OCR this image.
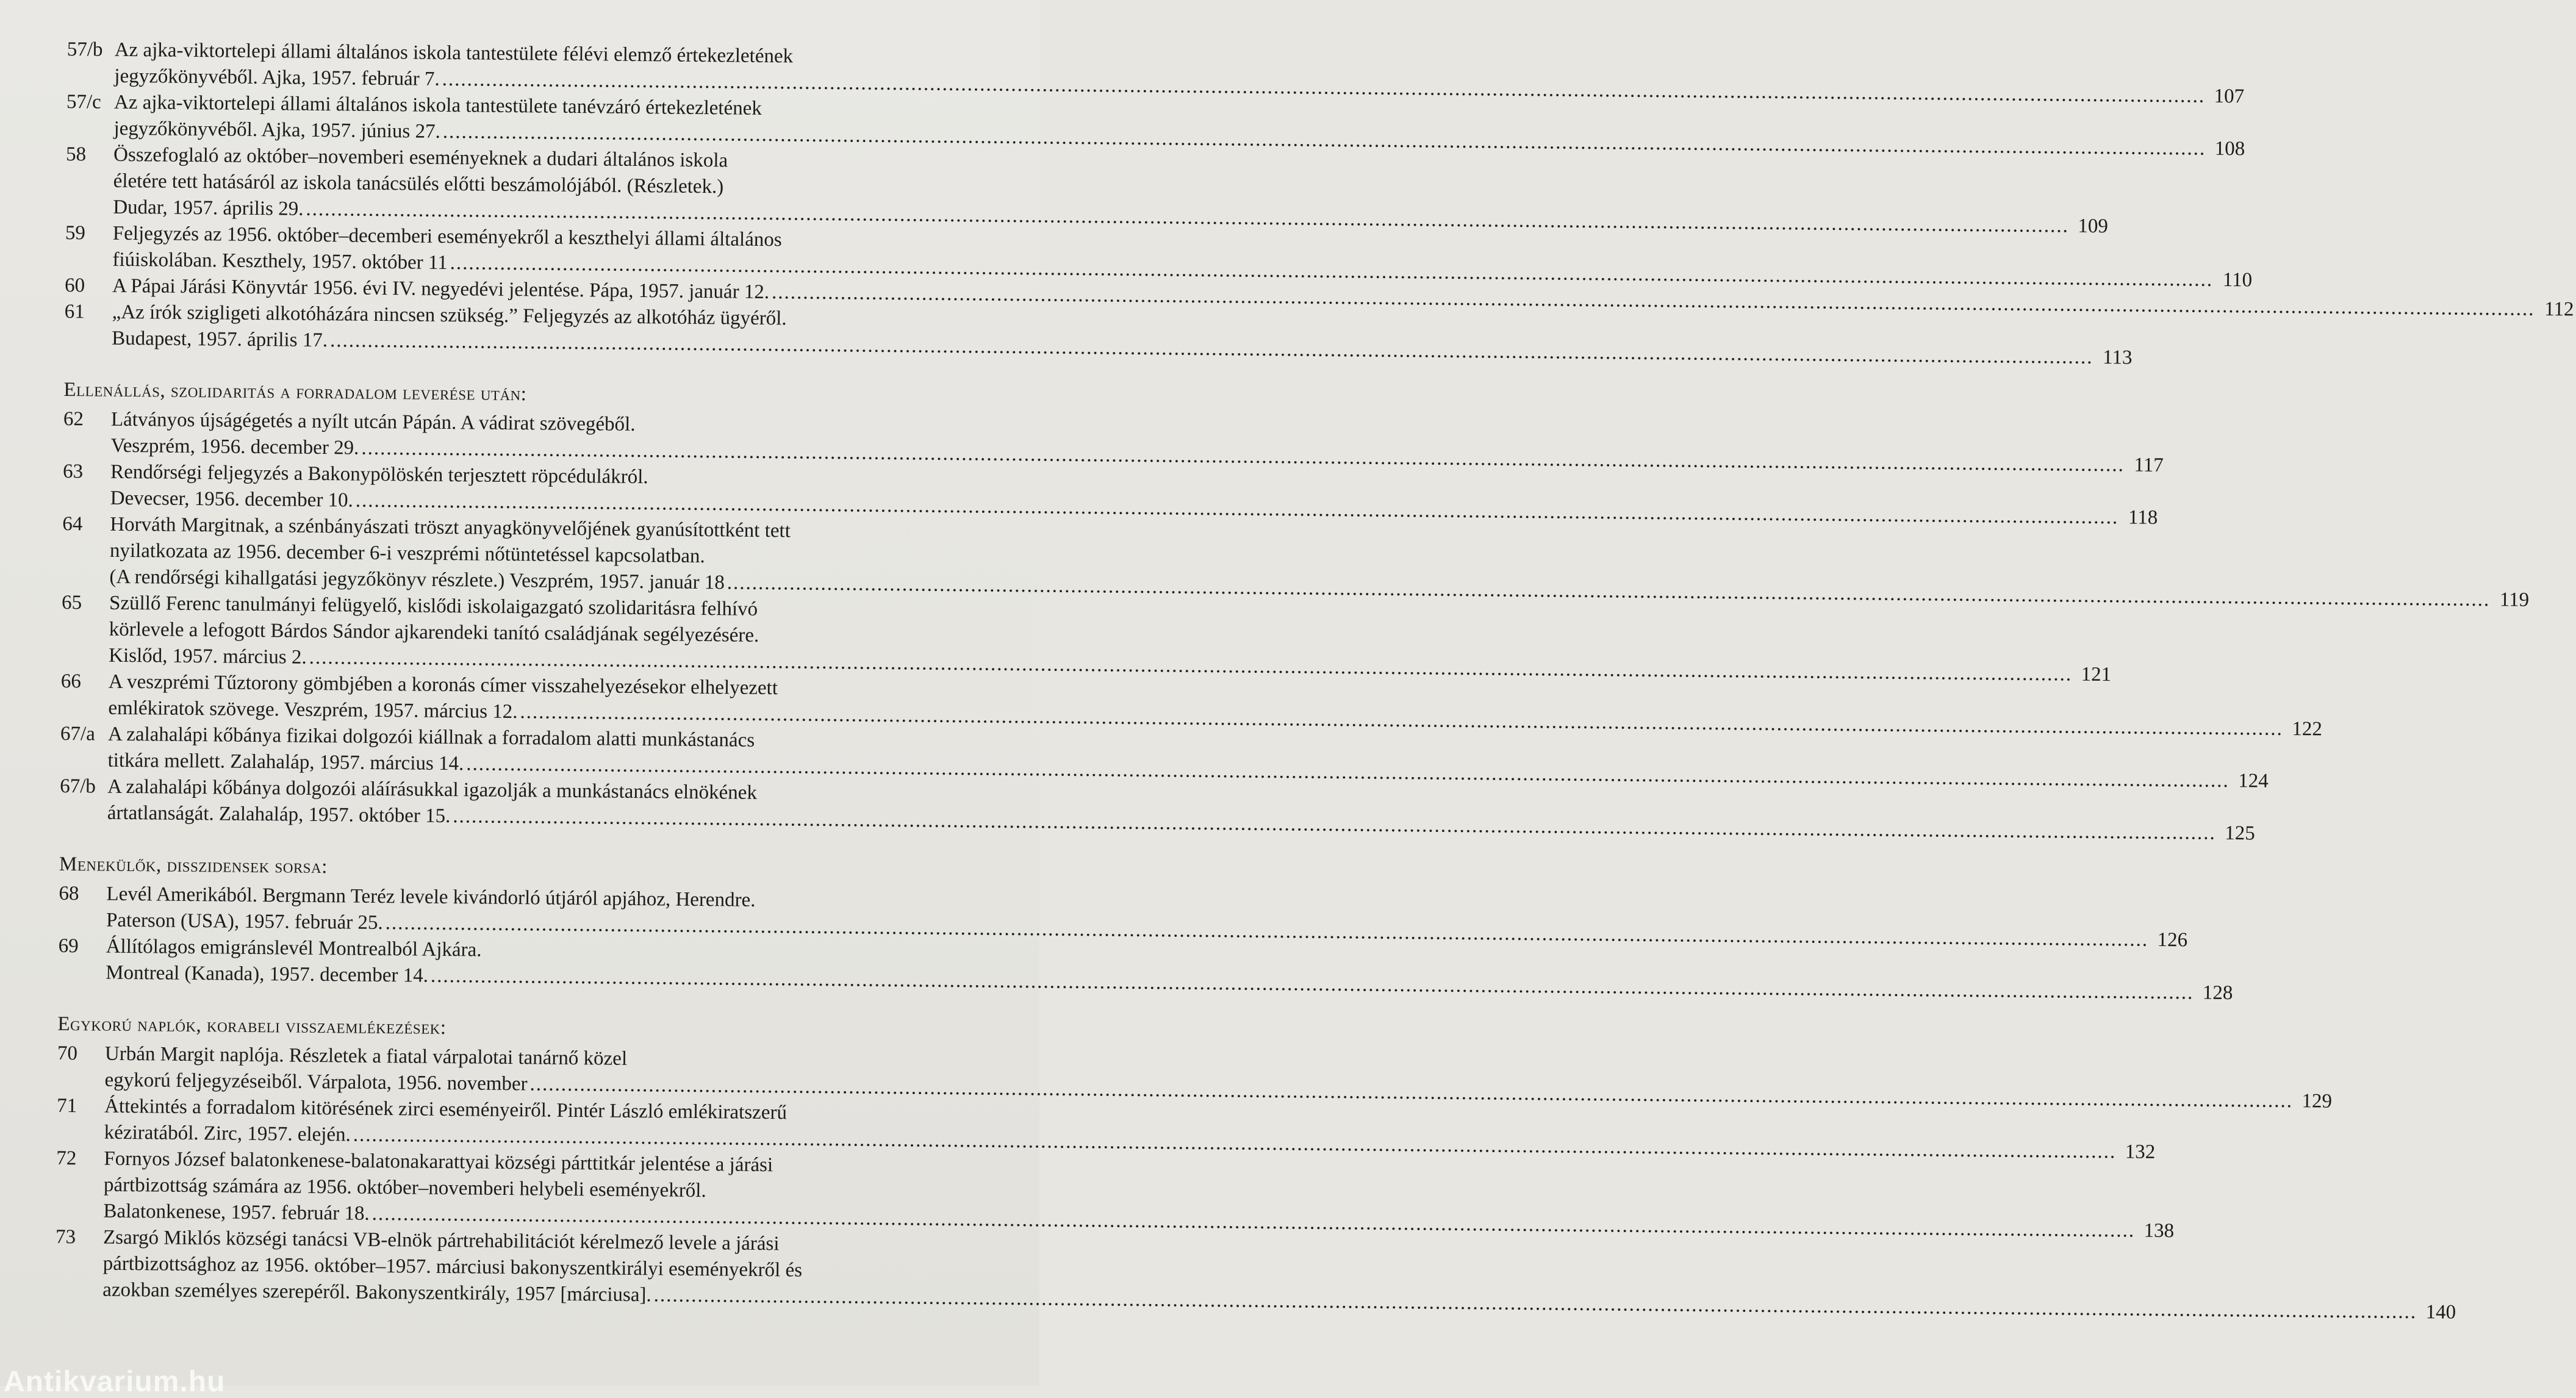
57/b Az ajka-viktortelepi állami általános iskola tantestülete félévi elemző értekezletének
jegyzőkönyvéből. Ajka, 1957. február 7.
.....
107
57/c Az ajka-viktortelepi állami általános iskola tantestülete tanévzáró értekezletének
jegyzőkönyvéből. Ajka, 1957. június 27.
.....
108
58	Összefoglaló az október–novemberi eseményeknek a dudari általános iskola
életére tett hatásáról az iskola tanácsülés előtti beszámolójából. (Részletek.)
Dudar, 1957. április 29.
.....
109
59	Feljegyzés az 1956. október–decemberi eseményekről a keszthelyi állami általános
fiúiskolában. Keszthely, 1957. október 11
.....
110
60	A Pápai Járási Könyvtár 1956. évi IV. negyedévi jelentése. Pápa, 1957. január 12.
.....
112
61	„Az írók szigligeti alkotóházára nincsen szükség.” Feljegyzés az alkotóház ügyéről.
Budapest, 1957. április 17.
.....
113
Ellenállás, szolidaritás a forradalom leverése után:
62	Látványos újságégetés a nyílt utcán Pápán. A vádirat szövegéből.
Veszprém, 1956. december 29.
.....
117
63	Rendőrségi feljegyzés a Bakonypölöskén terjesztett röpcédulákról.
Devecser, 1956. december 10.
.....
118
64	Horváth Margitnak, a szénbányászati tröszt anyagkönyvelőjének gyanúsítottként tett
nyilatkozata az 1956. december 6-i veszprémi nőtüntetéssel kapcsolatban.
(A rendőrségi kihallgatási jegyzőkönyv részlete.) Veszprém, 1957. január 18
.....
119
65	Szüllő Ferenc tanulmányi felügyelő, kislődi iskolaigazgató szolidaritásra felhívó
körlevele a lefogott Bárdos Sándor ajkarendeki tanító családjának segélyezésére.
Kislőd, 1957. március 2.
.....
121
66	A veszprémi Tűztorony gömbjében a koronás címer visszahelyezésekor elhelyezett
emlékiratok szövege. Veszprém, 1957. március 12.
.....
122
67/a A zalahalápi kőbánya fizikai dolgozói kiállnak a forradalom alatti munkástanács
titkára mellett. Zalahaláp, 1957. március 14.
.....
124
67/b A zalahalápi kőbánya dolgozói aláírásukkal igazolják a munkástanács elnökének
ártatlanságát. Zalahaláp, 1957. október 15.
.....
125
Menekülők, disszidensek sorsa:
68	Levél Amerikából. Bergmann Teréz levele kivándorló útjáról apjához, Herendre.
Paterson (USA), 1957. február 25.
.....
126
69	Állítólagos emigránslevél Montrealból Ajkára.
Montreal (Kanada), 1957. december 14.
.....
128
Egykorú naplók, korabeli visszaemlékezések:
70	Urbán Margit naplója. Részletek a fiatal várpalotai tanárnő közel
egykorú feljegyzéseiből. Várpalota, 1956. november
.....
129
71	Áttekintés a forradalom kitörésének zirci eseményeiről. Pintér László emlékiratszerű
kéziratából. Zirc, 1957. elején.
.....
132
72	Fornyos József balatonkenese-balatonakarattyai községi párttitkár jelentése a járási
pártbizottság számára az 1956. október–novemberi helybeli eseményekről.
Balatonkenese, 1957. február 18.
.....
138
73	Zsargó Miklós községi tanácsi VB-elnök pártrehabilitációt kérelmező levele a járási
pártbizottsághoz az 1956. október–1957. márciusi bakonyszentkirályi eseményekről és
azokban személyes szerepéről. Bakonyszentkirály, 1957 [márciusa].
.....
140
Antikvarium.hu
